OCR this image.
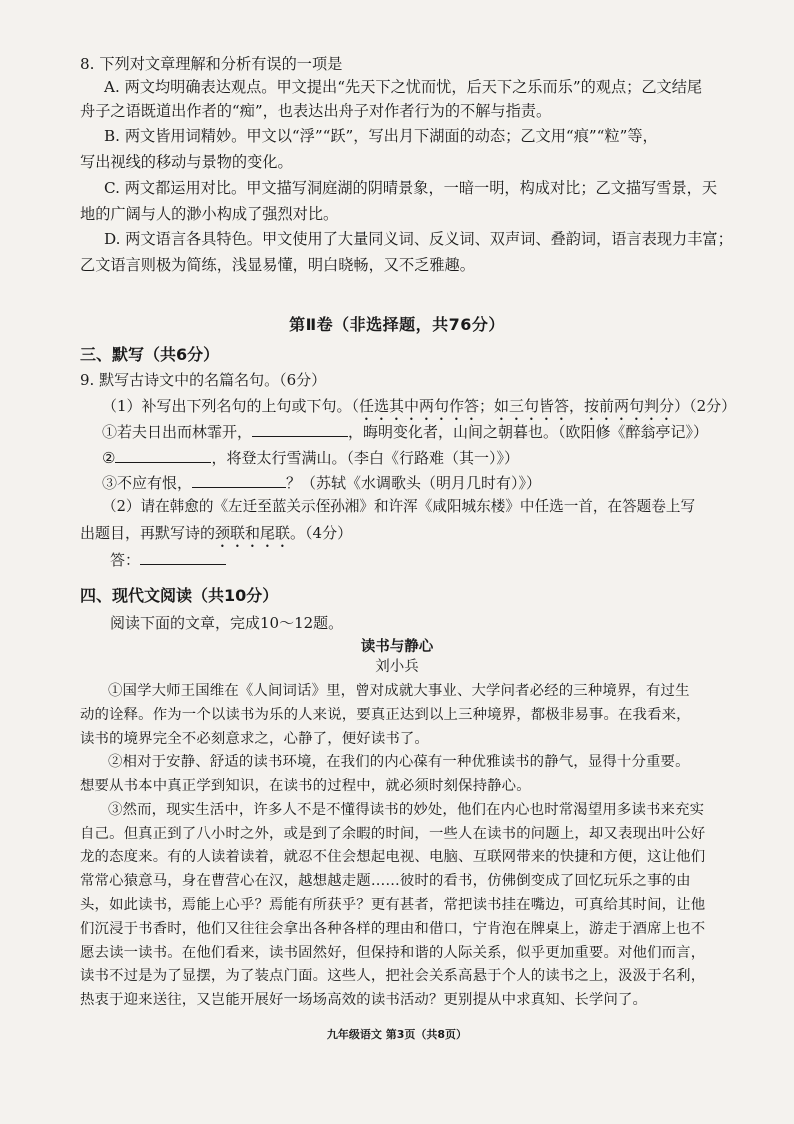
8. 下列对文章理解和分析有误的一项是
A. 两文均明确表达观点。甲文提出“先天下之忧而忧，后天下之乐而乐”的观点；乙文结尾
舟子之语既道出作者的“痴”，也表达出舟子对作者行为的不解与指责。
B. 两文皆用词精妙。甲文以“浮”“跃”，写出月下湖面的动态；乙文用“痕”“粒”等，
写出视线的移动与景物的变化。
C. 两文都运用对比。甲文描写洞庭湖的阴晴景象，一暗一明，构成对比；乙文描写雪景，天
地的广阔与人的渺小构成了强烈对比。
D. 两文语言各具特色。甲文使用了大量同义词、反义词、双声词、叠韵词，语言表现力丰富；
乙文语言则极为简练，浅显易懂，明白晓畅，又不乏雅趣。
第Ⅱ卷（非选择题，共76分）
三、默写（共6分）
9. 默写古诗文中的名篇名句。（6分）
（1）补写出下列名句的上句或下句。（任选其中两句作答；如三句皆答，按前两句判分）（2分）
①若夫日出而林霏开，	，晦明变化者，山间之朝暮也。（欧阳修《醉翁亭记》）
②	，将登太行雪满山。（李白《行路难（其一）》）
③不应有恨，	？（苏轼《水调歌头（明月几时有）》）
（2）请在韩愈的《左迁至蓝关示侄孙湘》和许浑《咸阳城东楼》中任选一首，在答题卷上写
出题目，再默写诗的颈联和尾联。（4分）
答：
四、现代文阅读（共10分）
阅读下面的文章，完成10～12题。
读书与静心
刘小兵
①国学大师王国维在《人间词话》里，曾对成就大事业、大学问者必经的三种境界，有过生
动的诠释。作为一个以读书为乐的人来说，要真正达到以上三种境界，都极非易事。在我看来，
读书的境界完全不必刻意求之，心静了，便好读书了。
②相对于安静、舒适的读书环境，在我们的内心葆有一种优雅读书的静气，显得十分重要。
想要从书本中真正学到知识，在读书的过程中，就必须时刻保持静心。
③然而，现实生活中，许多人不是不懂得读书的妙处，他们在内心也时常渴望用多读书来充实
自己。但真正到了八小时之外，或是到了余暇的时间，一些人在读书的问题上，却又表现出叶公好
龙的态度来。有的人读着读着，就忍不住会想起电视、电脑、互联网带来的快捷和方便，这让他们
常常心猿意马，身在曹营心在汉，越想越走题……彼时的看书，仿佛倒变成了回忆玩乐之事的由
头，如此读书，焉能上心乎？焉能有所获乎？更有甚者，常把读书挂在嘴边，可真给其时间，让他
们沉浸于书香时，他们又往往会拿出各种各样的理由和借口，宁肯泡在牌桌上，游走于酒席上也不
愿去读一读书。在他们看来，读书固然好，但保持和谐的人际关系，似乎更加重要。对他们而言，
读书不过是为了显摆，为了装点门面。这些人，把社会关系高悬于个人的读书之上，汲汲于名利，
热衷于迎来送往，又岂能开展好一场场高效的读书活动？更别提从中求真知、长学问了。
九年级语文 第3页（共8页）
